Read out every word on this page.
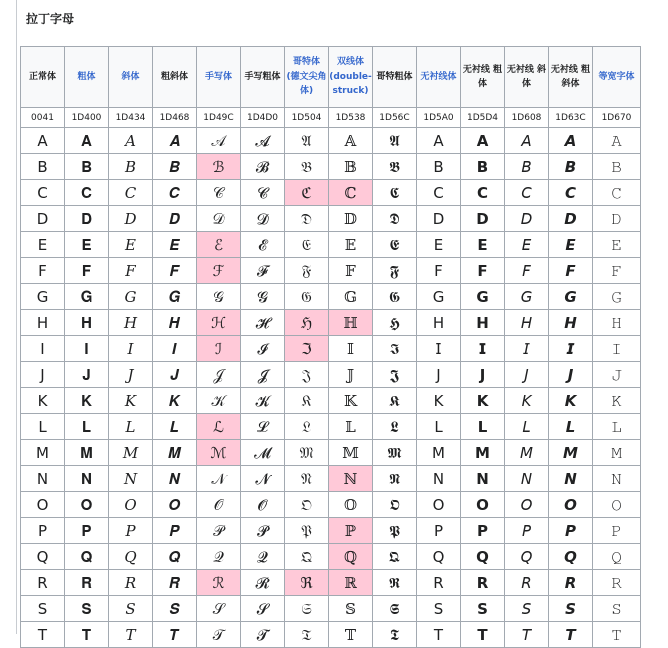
拉丁字母
正常体	粗体	斜体	粗斜体	手写体	手写粗体	哥特体 (德文尖角体)	双线体 (double-struck)	哥特粗体	无衬线体	无衬线 粗体	无衬线 斜体	无衬线 粗斜体	等宽字体
0041	1D400	1D434	1D468	1D49C	1D4D0	1D504	1D538	1D56C	1D5A0	1D5D4	1D608	1D63C	1D670
A	𝐀	𝐴	𝑨	𝒜	𝓐	𝔄	𝔸	𝕬	𝖠	𝗔	𝘈	𝘼	𝙰
B	𝐁	𝐵	𝑩	ℬ	𝓑	𝔅	𝔹	𝕭	𝖡	𝗕	𝘉	𝘽	𝙱
C	𝐂	𝐶	𝑪	𝒞	𝓒	ℭ	ℂ	𝕮	𝖢	𝗖	𝘊	𝘾	𝙲
D	𝐃	𝐷	𝑫	𝒟	𝓓	𝔇	𝔻	𝕯	𝖣	𝗗	𝘋	𝘿	𝙳
E	𝐄	𝐸	𝑬	ℰ	𝓔	𝔈	𝔼	𝕰	𝖤	𝗘	𝘌	𝙀	𝙴
F	𝐅	𝐹	𝑭	ℱ	𝓕	𝔉	𝔽	𝕱	𝖥	𝗙	𝘍	𝙁	𝙵
G	𝐆	𝐺	𝑮	𝒢	𝓖	𝔊	𝔾	𝕲	𝖦	𝗚	𝘎	𝙂	𝙶
H	𝐇	𝐻	𝑯	ℋ	𝓗	ℌ	ℍ	𝕳	𝖧	𝗛	𝘏	𝙃	𝙷
I	𝐈	𝐼	𝑰	ℐ	𝓘	ℑ	𝕀	𝕴	𝖨	𝗜	𝘐	𝙄	𝙸
J	𝐉	𝐽	𝑱	𝒥	𝓙	𝔍	𝕁	𝕵	𝖩	𝗝	𝘑	𝙅	𝙹
K	𝐊	𝐾	𝑲	𝒦	𝓚	𝔎	𝕂	𝕶	𝖪	𝗞	𝘒	𝙆	𝙺
L	𝐋	𝐿	𝑳	ℒ	𝓛	𝔏	𝕃	𝕷	𝖫	𝗟	𝘓	𝙇	𝙻
M	𝐌	𝑀	𝑴	ℳ	𝓜	𝔐	𝕄	𝕸	𝖬	𝗠	𝘔	𝙈	𝙼
N	𝐍	𝑁	𝑵	𝒩	𝓝	𝔑	ℕ	𝕹	𝖭	𝗡	𝘕	𝙉	𝙽
O	𝐎	𝑂	𝑶	𝒪	𝓞	𝔒	𝕆	𝕺	𝖮	𝗢	𝘖	𝙊	𝙾
P	𝐏	𝑃	𝑷	𝒫	𝓟	𝔓	ℙ	𝕻	𝖯	𝗣	𝘗	𝙋	𝙿
Q	𝐐	𝑄	𝑸	𝒬	𝓠	𝔔	ℚ	𝕼	𝖰	𝗤	𝘘	𝙌	𝚀
R	𝐑	𝑅	𝑹	ℛ	𝓡	ℜ	ℝ	𝕽	𝖱	𝗥	𝘙	𝙍	𝚁
S	𝐒	𝑆	𝑺	𝒮	𝓢	𝔖	𝕊	𝕾	𝖲	𝗦	𝘚	𝙎	𝚂
T	𝐓	𝑇	𝑻	𝒯	𝓣	𝔗	𝕋	𝕿	𝖳	𝗧	𝘛	𝙏	𝚃
